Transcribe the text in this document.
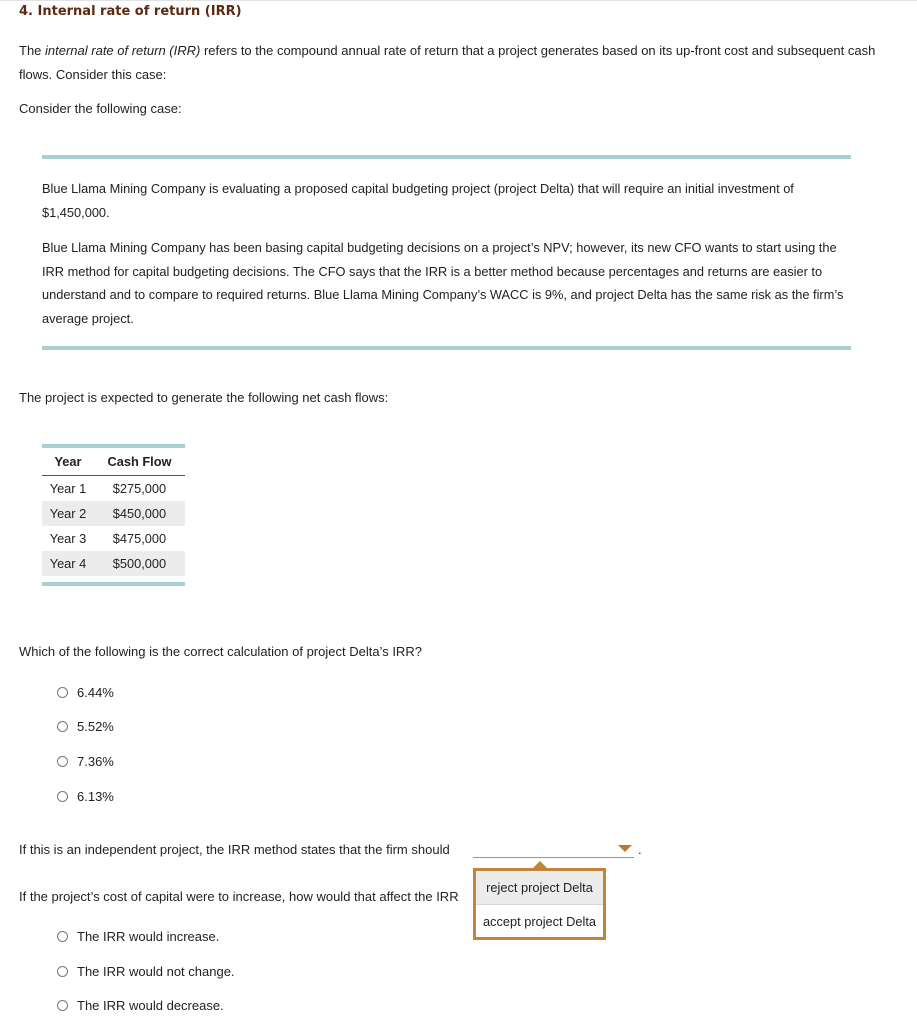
4. Internal rate of return (IRR)
The internal rate of return (IRR) refers to the compound annual rate of return that a project generates based on its up-front cost and subsequent cash flows. Consider this case:
Consider the following case:
Blue Llama Mining Company is evaluating a proposed capital budgeting project (project Delta) that will require an initial investment of $1,450,000.
Blue Llama Mining Company has been basing capital budgeting decisions on a project’s NPV; however, its new CFO wants to start using the IRR method for capital budgeting decisions. The CFO says that the IRR is a better method because percentages and returns are easier to understand and to compare to required returns. Blue Llama Mining Company’s WACC is 9%, and project Delta has the same risk as the firm’s average project.
The project is expected to generate the following net cash flows:
Year	Cash Flow
Year 1	$275,000
Year 2	$450,000
Year 3	$475,000
Year 4	$500,000
Which of the following is the correct calculation of project Delta’s IRR?
6.44%
5.52%
7.36%
6.13%
If this is an independent project, the IRR method states that the firm should	.
If the project’s cost of capital were to increase, how would that affect the IRR
The IRR would increase.
The IRR would not change.
The IRR would decrease.
reject project Delta
accept project Delta
